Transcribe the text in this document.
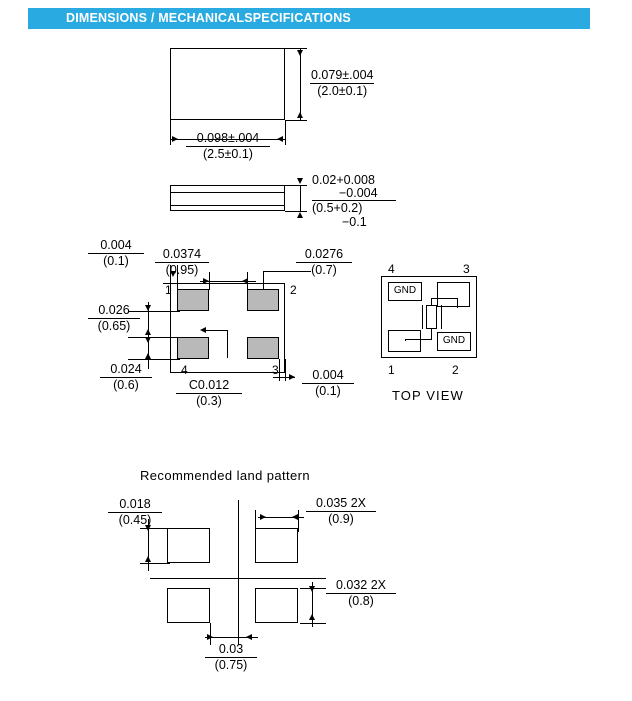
DIMENSIONS / MECHANICALSPECIFICATIONS
0.079±.004
(2.0±0.1)
0.098±.004
(2.5±0.1)
0.02+0.008
−0.004
(0.5+0.2)
−0.1
1	2
3
4
0.004
(0.1)	0.0374
(0.95)
0.0276
(0.7)
0.026
(0.65)
0.024
(0.6)	C0.012
(0.3)
0.004
(0.1)
GND
GND
4	3
1	2
TOP VIEW
Recommended land pattern
0.018
(0.45)
0.035 2X
(0.9)
0.032 2X
(0.8)
0.03
(0.75)
